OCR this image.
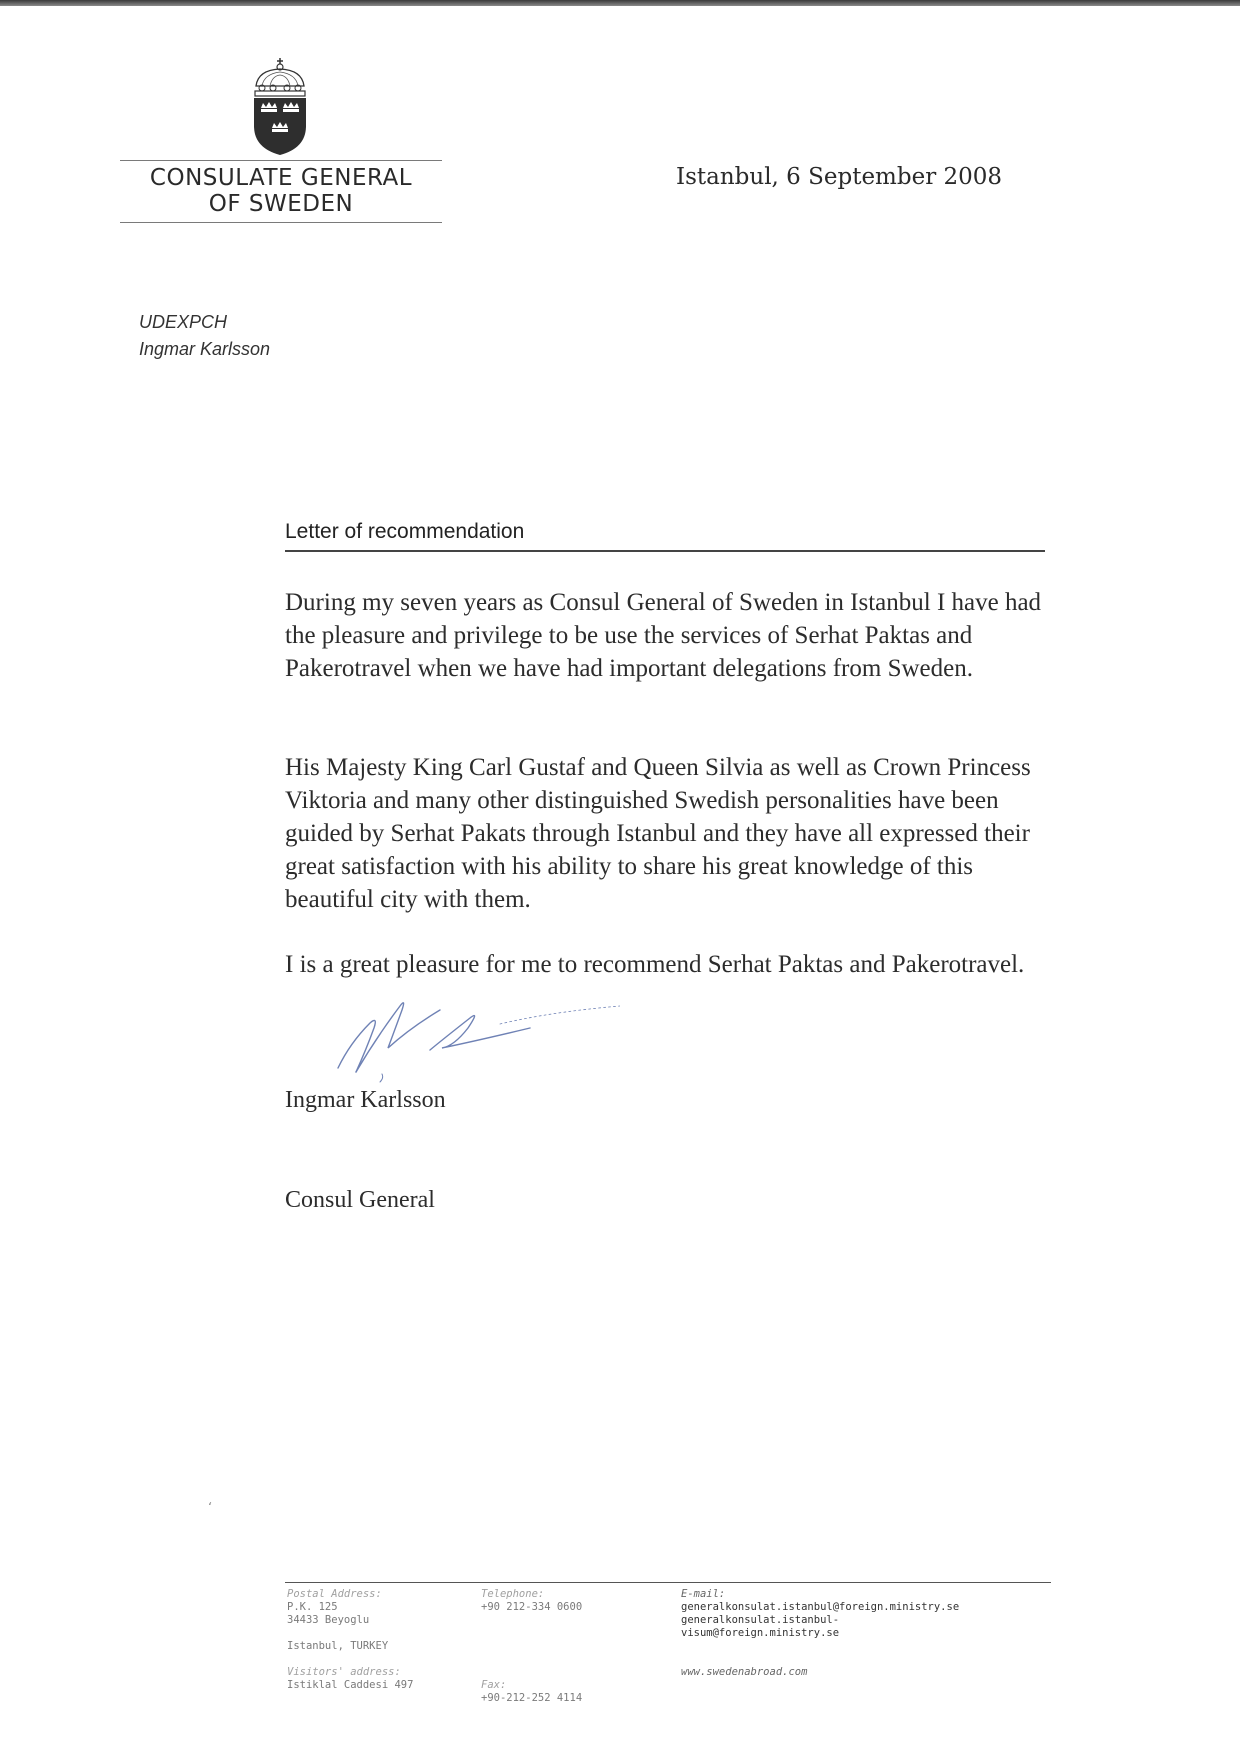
CONSULATE GENERAL
OF SWEDEN
Istanbul, 6 September 2008
UDEXPCH
Ingmar Karlsson
Letter of recommendation

During my seven years as Consul General of Sweden in Istanbul I have had the pleasure and privilege to be use the services of Serhat Paktas and Pakerotravel when we have had important delegations from Sweden.

His Majesty King Carl Gustaf and Queen Silvia as well as Crown Princess Viktoria and many other distinguished Swedish personalities have been guided by Serhat Pakats through Istanbul and they have all expressed their great satisfaction with his ability to share his great knowledge of this beautiful city with them.

I is a great pleasure for me to recommend Serhat Paktas and Pakerotravel.

Ingmar Karlsson
Consul General
‘
Postal Address:
P.K. 125
34433 Beyoglu

Istanbul, TURKEY

Visitors' address:
Istiklal Caddesi 497
Telephone:
+90 212-334 0600

Fax:
+90-212-252 4114
E-mail:
generalkonsulat.istanbul@foreign.ministry.se
generalkonsulat.istanbul-
visum@foreign.ministry.se

www.swedenabroad.com
